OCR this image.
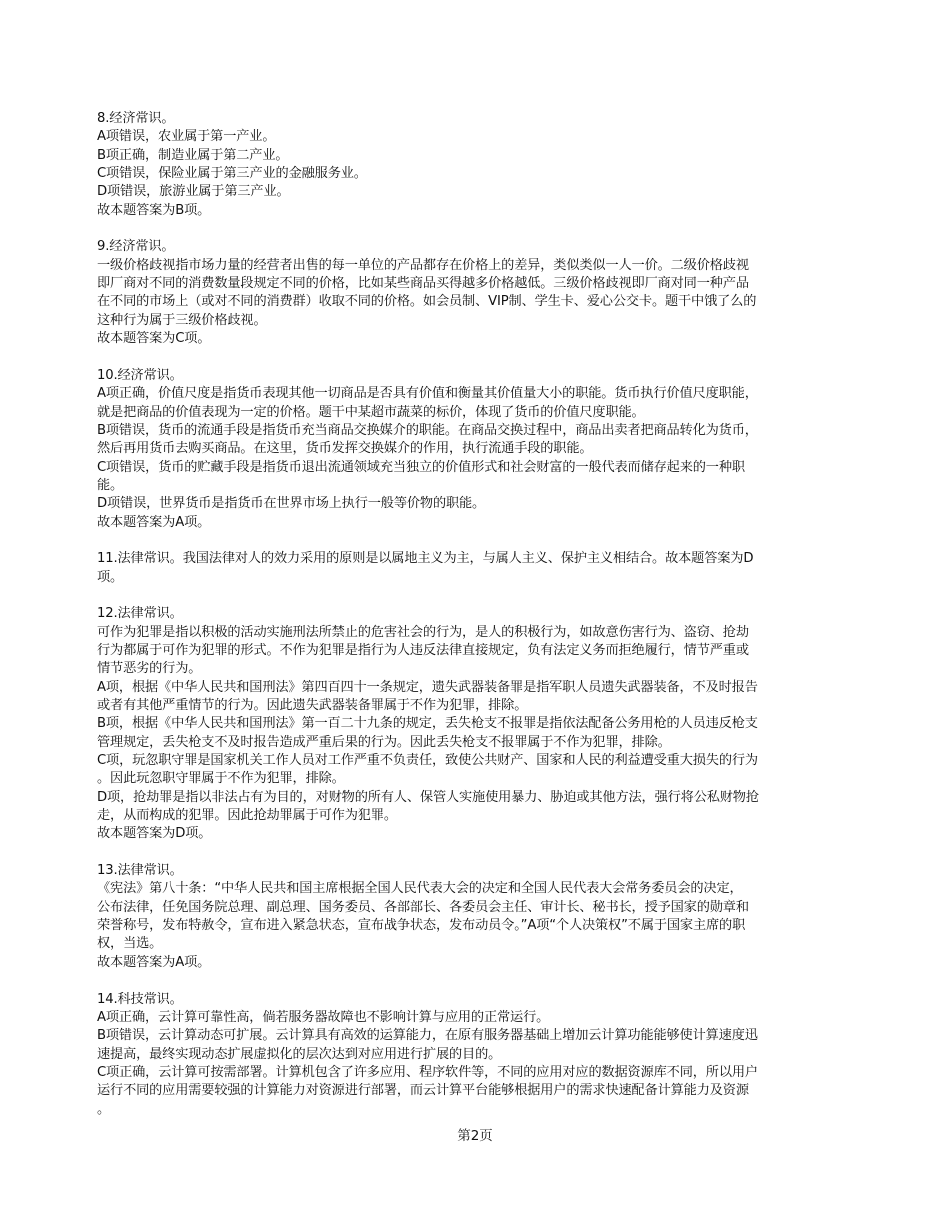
8.经济常识。
A项错误，农业属于第一产业。
B项正确，制造业属于第二产业。
C项错误，保险业属于第三产业的金融服务业。
D项错误，旅游业属于第三产业。
故本题答案为B项。
9.经济常识。
一级价格歧视指市场力量的经营者出售的每一单位的产品都存在价格上的差异，类似类似一人一价。二级价格歧视
即厂商对不同的消费数量段规定不同的价格，比如某些商品买得越多价格越低。三级价格歧视即厂商对同一种产品
在不同的市场上（或对不同的消费群）收取不同的价格。如会员制、VIP制、学生卡、爱心公交卡。题干中饿了么的
这种行为属于三级价格歧视。
故本题答案为C项。
10.经济常识。
A项正确，价值尺度是指货币表现其他一切商品是否具有价值和衡量其价值量大小的职能。货币执行价值尺度职能，
就是把商品的价值表现为一定的价格。题干中某超市蔬菜的标价，体现了货币的价值尺度职能。
B项错误，货币的流通手段是指货币充当商品交换媒介的职能。在商品交换过程中，商品出卖者把商品转化为货币，
然后再用货币去购买商品。在这里，货币发挥交换媒介的作用，执行流通手段的职能。
C项错误，货币的贮藏手段是指货币退出流通领域充当独立的价值形式和社会财富的一般代表而储存起来的一种职
能。
D项错误，世界货币是指货币在世界市场上执行一般等价物的职能。
故本题答案为A项。
11.法律常识。我国法律对人的效力采用的原则是以属地主义为主，与属人主义、保护主义相结合。故本题答案为D
项。
12.法律常识。
可作为犯罪是指以积极的活动实施刑法所禁止的危害社会的行为，是人的积极行为，如故意伤害行为、盗窃、抢劫
行为都属于可作为犯罪的形式。不作为犯罪是指行为人违反法律直接规定，负有法定义务而拒绝履行，情节严重或
情节恶劣的行为。
A项，根据《中华人民共和国刑法》第四百四十一条规定，遗失武器装备罪是指军职人员遗失武器装备，不及时报告
或者有其他严重情节的行为。因此遗失武器装备罪属于不作为犯罪，排除。
B项，根据《中华人民共和国刑法》第一百二十九条的规定，丢失枪支不报罪是指依法配备公务用枪的人员违反枪支
管理规定，丢失枪支不及时报告造成严重后果的行为。因此丢失枪支不报罪属于不作为犯罪，排除。
C项，玩忽职守罪是国家机关工作人员对工作严重不负责任，致使公共财产、国家和人民的利益遭受重大损失的行为
。因此玩忽职守罪属于不作为犯罪，排除。
D项，抢劫罪是指以非法占有为目的，对财物的所有人、保管人实施使用暴力、胁迫或其他方法，强行将公私财物抢
走，从而构成的犯罪。因此抢劫罪属于可作为犯罪。
故本题答案为D项。
13.法律常识。
《宪法》第八十条：“中华人民共和国主席根据全国人民代表大会的决定和全国人民代表大会常务委员会的决定，
公布法律，任免国务院总理、副总理、国务委员、各部部长、各委员会主任、审计长、秘书长，授予国家的勋章和
荣誉称号，发布特赦令，宣布进入紧急状态，宣布战争状态，发布动员令。”A项“个人决策权”不属于国家主席的职
权，当选。
故本题答案为A项。
14.科技常识。
A项正确，云计算可靠性高，倘若服务器故障也不影响计算与应用的正常运行。
B项错误，云计算动态可扩展。云计算具有高效的运算能力，在原有服务器基础上增加云计算功能能够使计算速度迅
速提高，最终实现动态扩展虚拟化的层次达到对应用进行扩展的目的。
C项正确，云计算可按需部署。计算机包含了许多应用、程序软件等，不同的应用对应的数据资源库不同，所以用户
运行不同的应用需要较强的计算能力对资源进行部署，而云计算平台能够根据用户的需求快速配备计算能力及资源
。
第2页
